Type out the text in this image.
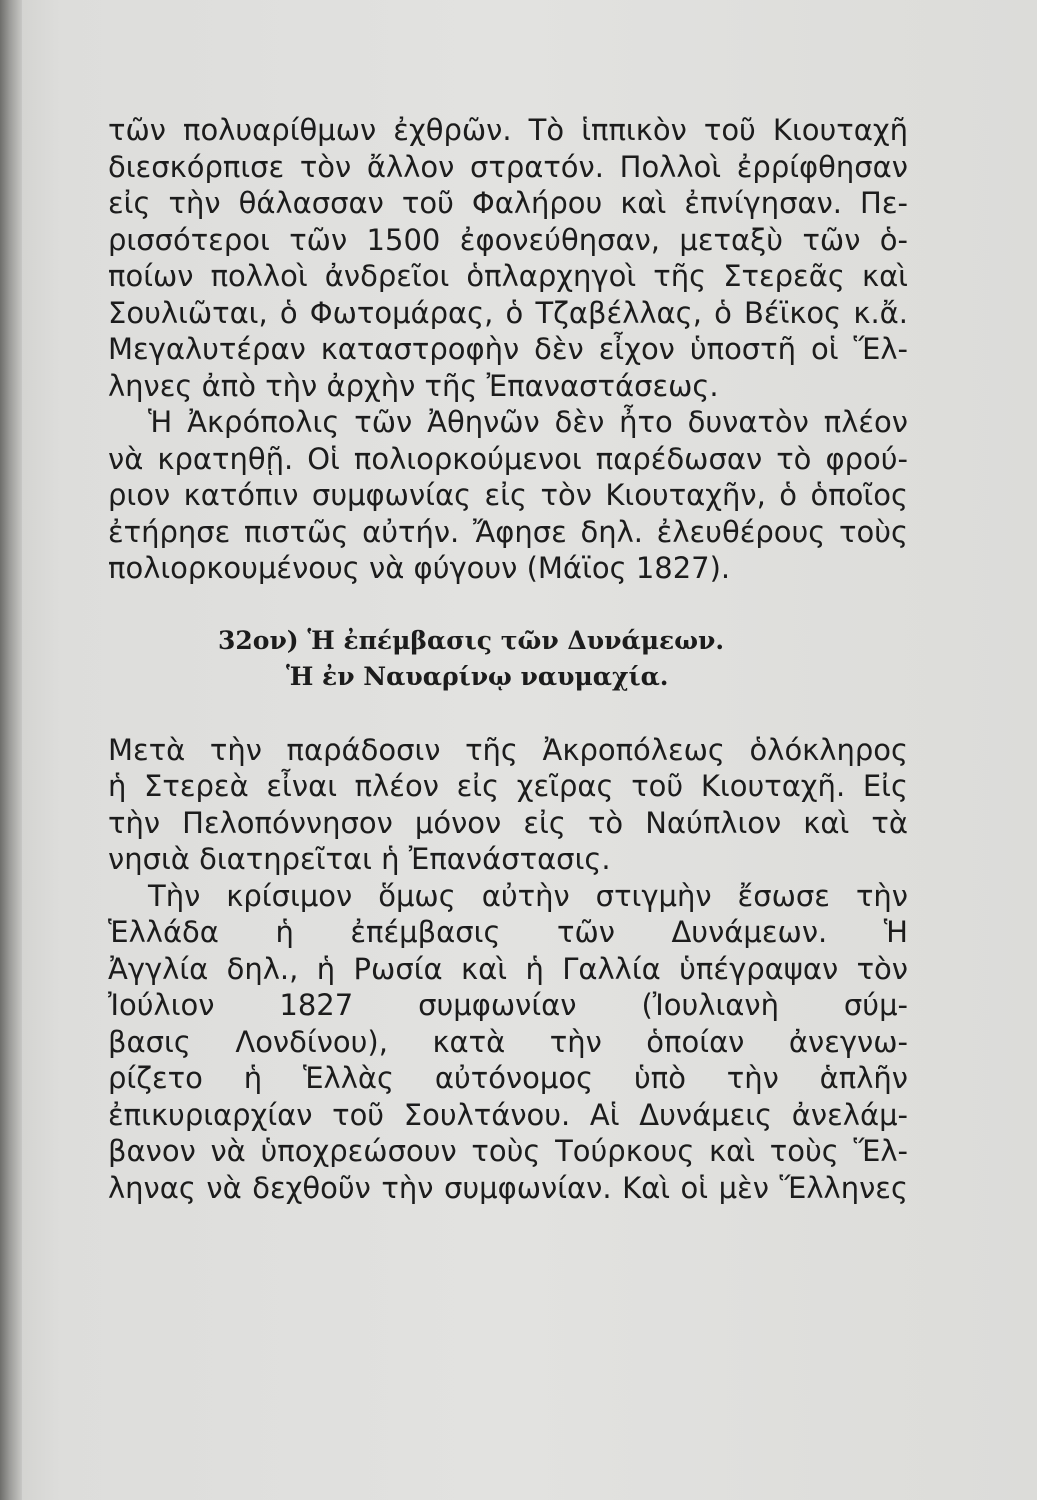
τῶν πολυαρίθμων ἐχθρῶν. Τὸ ἱππικὸν τοῦ Κιουταχῆ
διεσκόρπισε τὸν ἄλλον στρατόν. Πολλοὶ ἐρρίφθησαν
εἰς τὴν θάλασσαν τοῦ Φαλήρου καὶ ἐπνίγησαν. Πε-
ρισσότεροι τῶν 1500 ἐφονεύθησαν, μεταξὺ τῶν ὁ-
ποίων πολλοὶ ἀνδρεῖοι ὁπλαρχηγοὶ τῆς Στερεᾶς καὶ
Σουλιῶται, ὁ Φωτομάρας, ὁ Τζαβέλλας, ὁ Βέϊκος κ.ἄ.
Μεγαλυτέραν καταστροφὴν δὲν εἶχον ὑποστῆ οἱ Ἕλ-
ληνες ἀπὸ τὴν ἀρχὴν τῆς Ἐπαναστάσεως.
Ἡ Ἀκρόπολις τῶν Ἀθηνῶν δὲν ἦτο δυνατὸν πλέον
νὰ κρατηθῇ. Οἱ πολιορκούμενοι παρέδωσαν τὸ φρού-
ριον κατόπιν συμφωνίας εἰς τὸν Κιουταχῆν, ὁ ὁποῖος
ἐτήρησε πιστῶς αὐτήν. Ἄφησε δηλ. ἐλευθέρους τοὺς
πολιορκουμένους νὰ φύγουν (Μάϊος 1827).
32ον) Ἡ ἐπέμβασις τῶν Δυνάμεων.
Ἡ ἐν Ναυαρίνῳ ναυμαχία.
Μετὰ τὴν παράδοσιν τῆς Ἀκροπόλεως ὁλόκληρος
ἡ Στερεὰ εἶναι πλέον εἰς χεῖρας τοῦ Κιουταχῆ. Εἰς
τὴν Πελοπόννησον μόνον εἰς τὸ Ναύπλιον καὶ τὰ
νησιὰ διατηρεῖται ἡ Ἐπανάστασις.
Τὴν κρίσιμον ὅμως αὐτὴν στιγμὴν ἔσωσε τὴν
Ἑλλάδα ἡ ἐπέμβασις τῶν Δυνάμεων. Ἡ
Ἀγγλία δηλ., ἡ Ρωσία καὶ ἡ Γαλλία ὑπέγραψαν τὸν
Ἰούλιον 1827 συμφωνίαν (Ἰουλιανὴ σύμ-
βασις Λονδίνου), κατὰ τὴν ὁποίαν ἀνεγνω-
ρίζετο ἡ Ἑλλὰς αὐτόνομος ὑπὸ τὴν ἁπλῆν
ἐπικυριαρχίαν τοῦ Σουλτάνου. Αἱ Δυνάμεις ἀνελάμ-
βανον νὰ ὑποχρεώσουν τοὺς Τούρκους καὶ τοὺς Ἕλ-
ληνας νὰ δεχθοῦν τὴν συμφωνίαν. Καὶ οἱ μὲν Ἕλληνες
